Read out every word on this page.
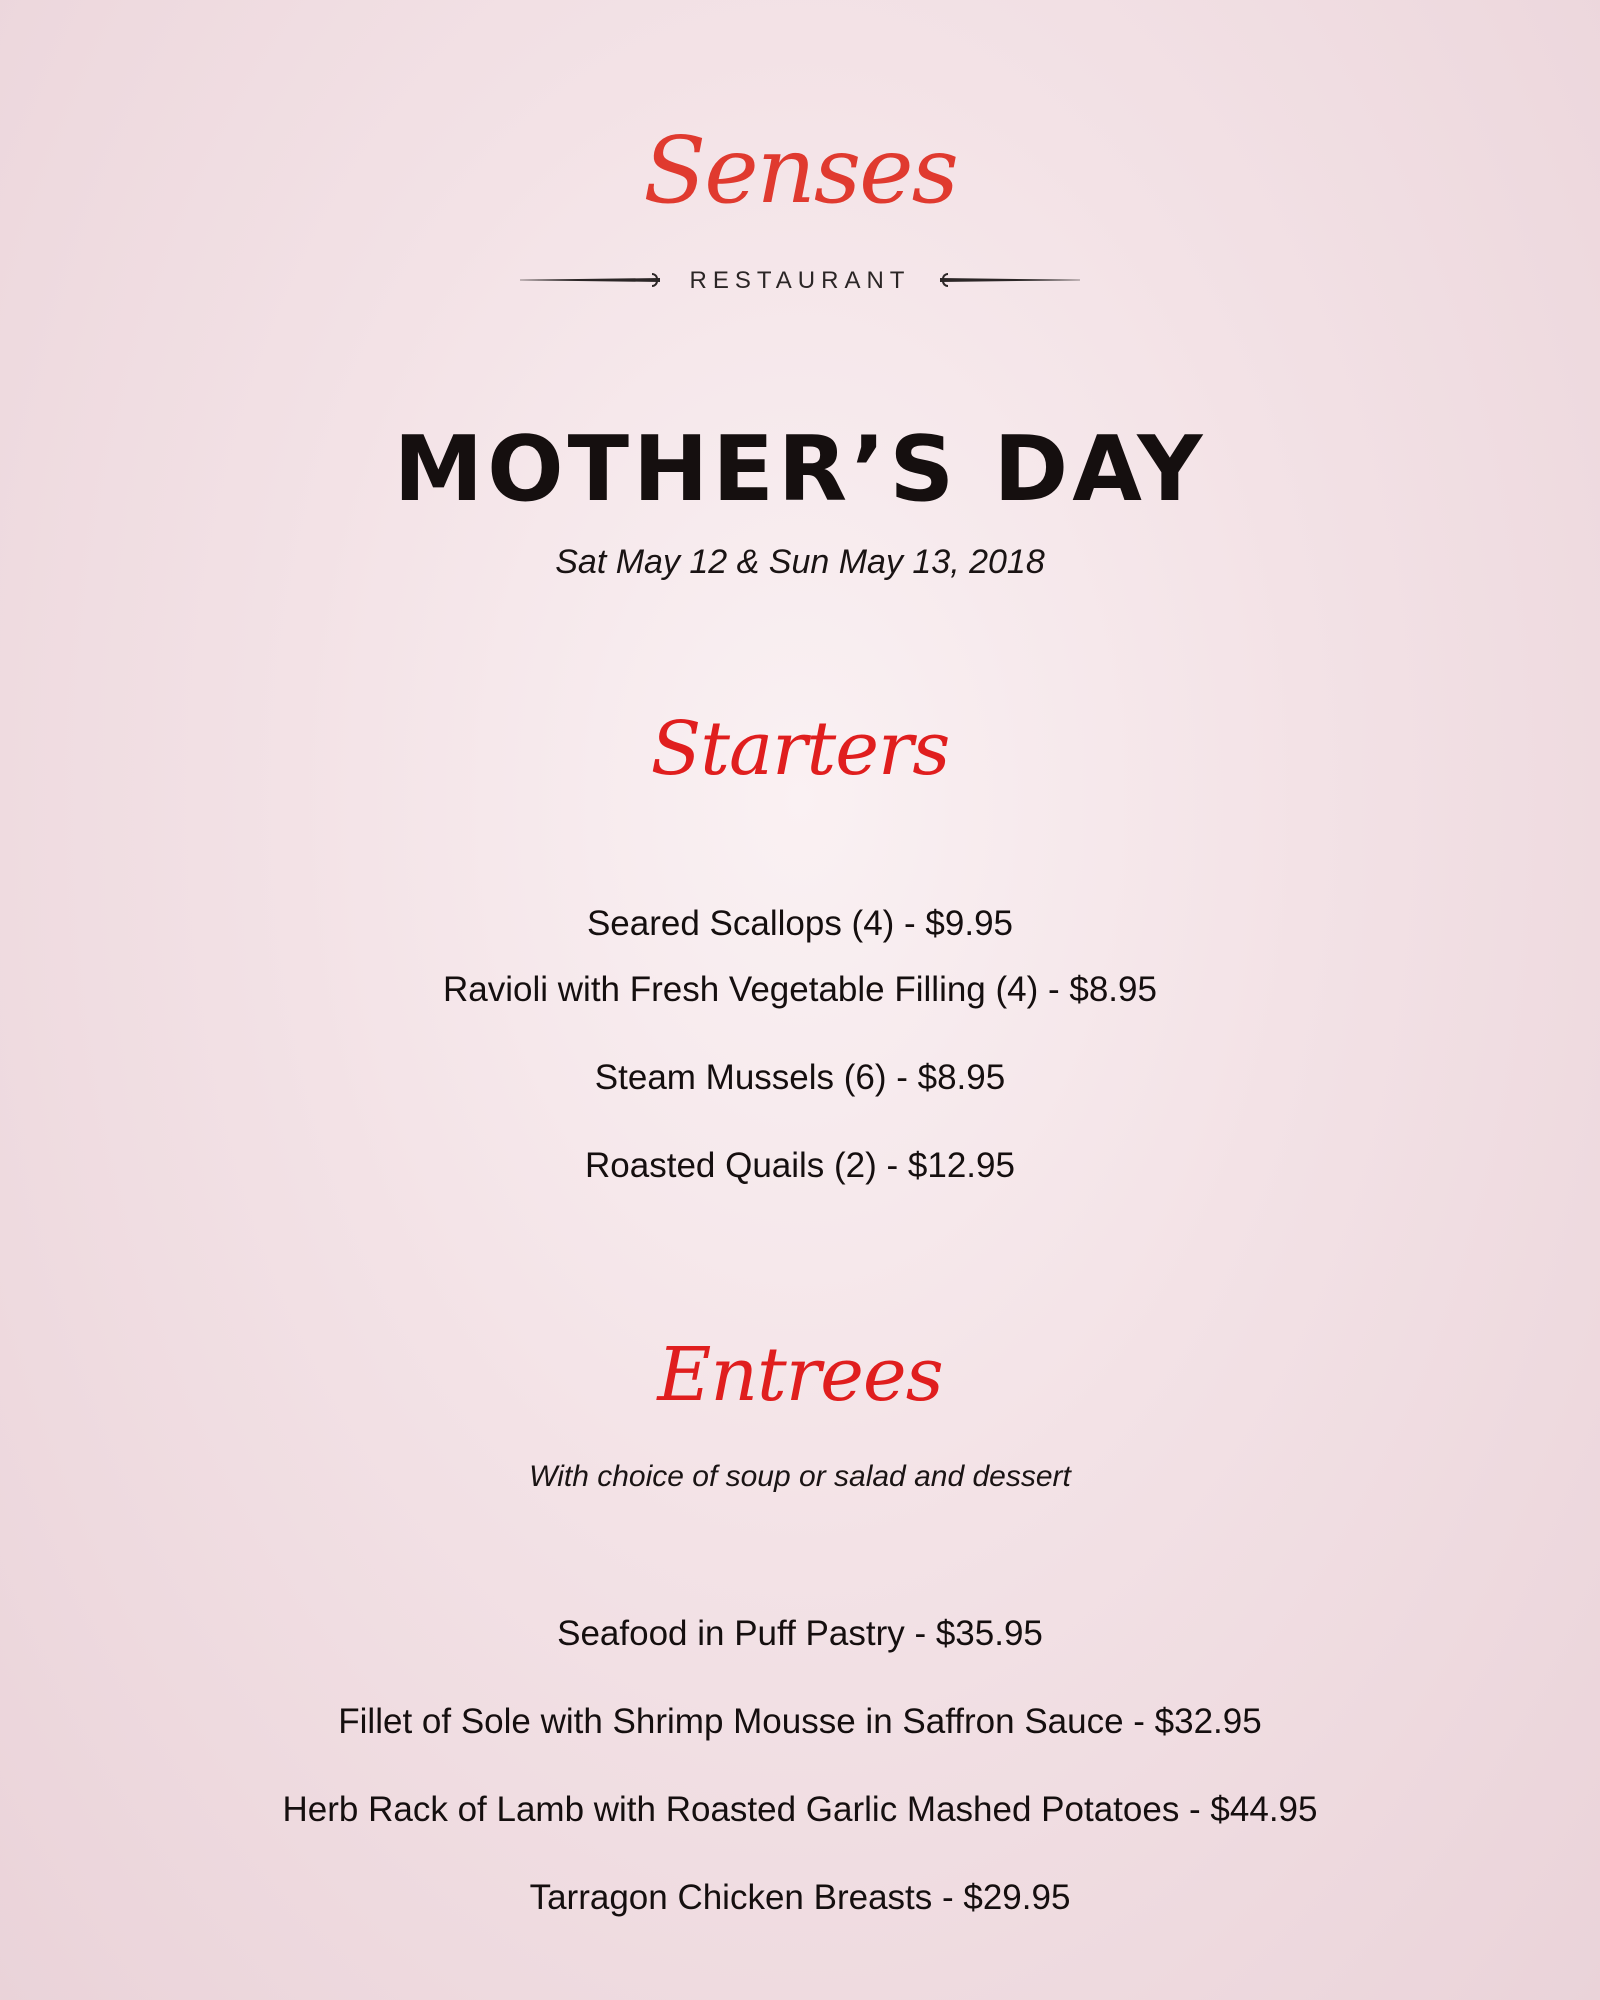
Senses
RESTAURANT
MOTHER’S DAY
Sat May 12 & Sun May 13, 2018
Starters
Seared Scallops (4) - $9.95
Ravioli with Fresh Vegetable Filling (4) - $8.95
Steam Mussels (6) - $8.95
Roasted Quails (2) - $12.95
Entrees
With choice of soup or salad and dessert
Seafood in Puff Pastry - $35.95
Fillet of Sole with Shrimp Mousse in Saffron Sauce - $32.95
Herb Rack of Lamb with Roasted Garlic Mashed Potatoes - $44.95
Tarragon Chicken Breasts - $29.95
